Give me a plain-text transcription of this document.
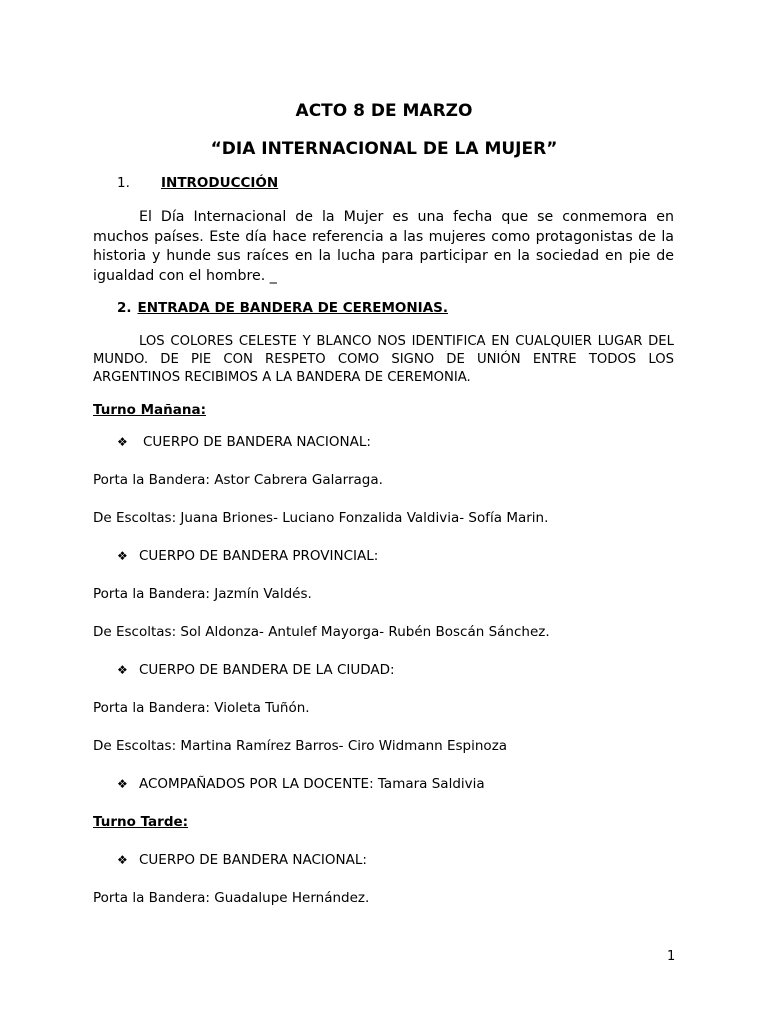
ACTO 8 DE MARZO
“DIA INTERNACIONAL DE LA MUJER”
1. INTRODUCCIÓN
El Día Internacional de la Mujer es una fecha que se conmemora en muchos países. Este día hace referencia a las mujeres como protagonistas de la historia y hunde sus raíces en la lucha para participar en la sociedad en pie de igualdad con el hombre. _
2. ENTRADA DE BANDERA DE CEREMONIAS.
LOS COLORES CELESTE Y BLANCO NOS IDENTIFICA EN CUALQUIER LUGAR DEL MUNDO. DE PIE CON RESPETO COMO SIGNO DE UNIÓN ENTRE TODOS LOS ARGENTINOS RECIBIMOS A LA BANDERA DE CEREMONIA.
Turno Mañana:
❖ CUERPO DE BANDERA NACIONAL:
Porta la Bandera: Astor Cabrera Galarraga.
De Escoltas: Juana Briones- Luciano Fonzalida Valdivia- Sofía Marin.
❖ CUERPO DE BANDERA PROVINCIAL:
Porta la Bandera: Jazmín Valdés.
De Escoltas: Sol Aldonza- Antulef Mayorga- Rubén Boscán Sánchez.
❖ CUERPO DE BANDERA DE LA CIUDAD:
Porta la Bandera: Violeta Tuñón.
De Escoltas: Martina Ramírez Barros- Ciro Widmann Espinoza
❖ ACOMPAÑADOS POR LA DOCENTE: Tamara Saldivia
Turno Tarde:
❖ CUERPO DE BANDERA NACIONAL:
Porta la Bandera: Guadalupe Hernández.
1
